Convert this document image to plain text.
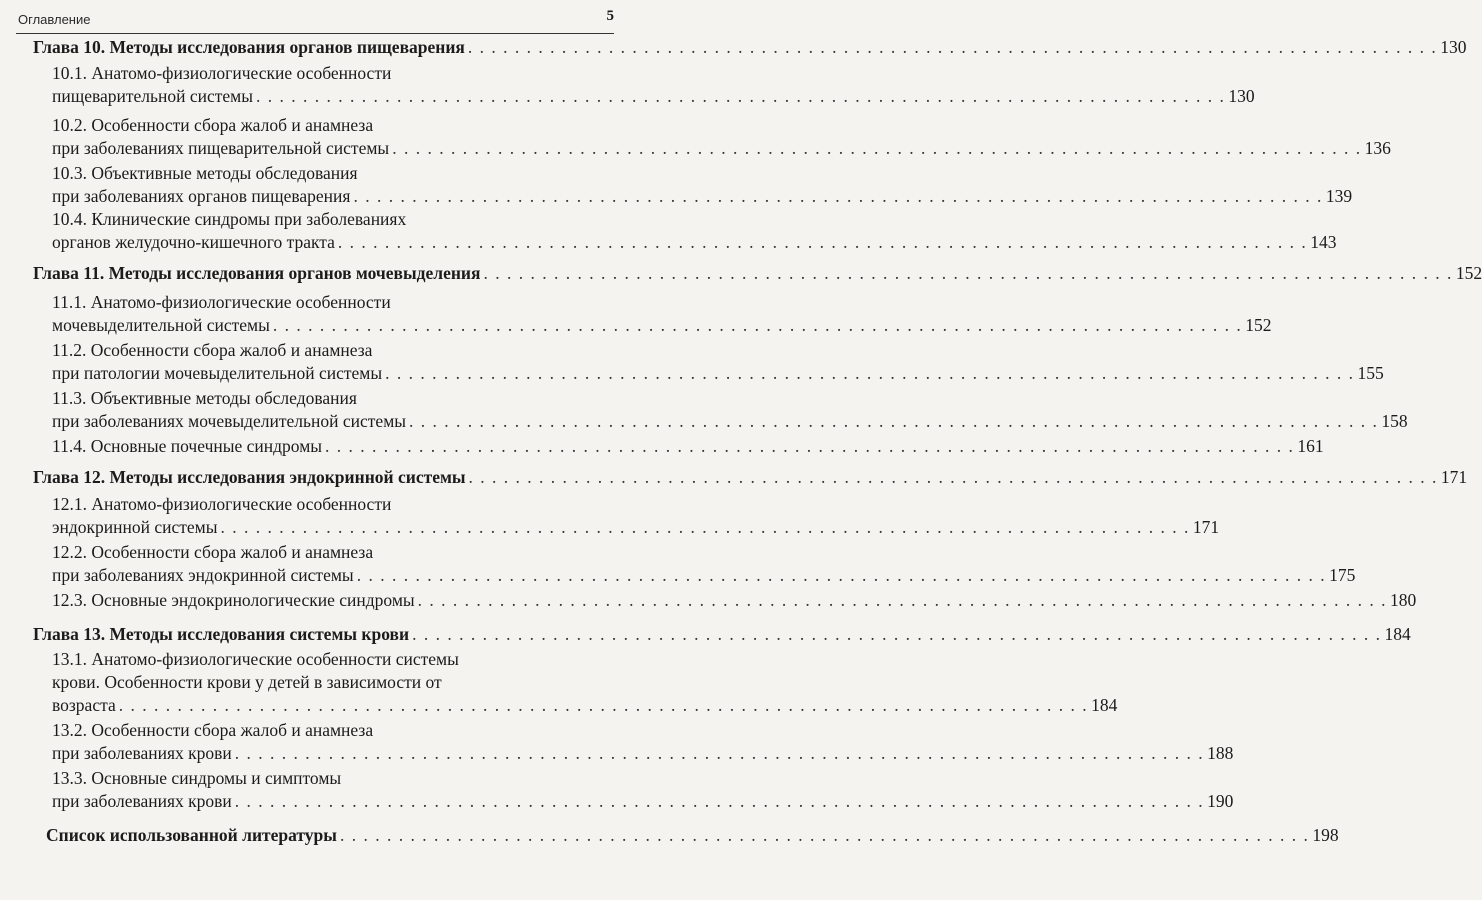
Оглавление	5
Глава 10. Методы исследования органов пищеварения . . . . . . . . . . . . . . . . . . . . . . . . . . . . . . . . . . . . . . . . . . . . . . . . . . . . . . . . . . . . . . . . . . . . . . . . . . . . . . . . . . . 130
10.1. Анатомо-физиологические особенности
пищеварительной системы . . . . . . . . . . . . . . . . . . . . . . . . . . . . . . . . . . . . . . . . . . . . . . . . . . . . . . . . . . . . . . . . . . . . . . . . . . . . . . . . . . . 130
10.2. Особенности сбора жалоб и анамнеза
при заболеваниях пищеварительной системы . . . . . . . . . . . . . . . . . . . . . . . . . . . . . . . . . . . . . . . . . . . . . . . . . . . . . . . . . . . . . . . . . . . . . . . . . . . . . . . . . . . 136
10.3. Объективные методы обследования
при заболеваниях органов пищеварения . . . . . . . . . . . . . . . . . . . . . . . . . . . . . . . . . . . . . . . . . . . . . . . . . . . . . . . . . . . . . . . . . . . . . . . . . . . . . . . . . . . 139
10.4. Клинические синдромы при заболеваниях
органов желудочно-кишечного тракта . . . . . . . . . . . . . . . . . . . . . . . . . . . . . . . . . . . . . . . . . . . . . . . . . . . . . . . . . . . . . . . . . . . . . . . . . . . . . . . . . . . 143
Глава 11. Методы исследования органов мочевыделения . . . . . . . . . . . . . . . . . . . . . . . . . . . . . . . . . . . . . . . . . . . . . . . . . . . . . . . . . . . . . . . . . . . . . . . . . . . . . . . . . . . 152
11.1. Анатомо-физиологические особенности
мочевыделительной системы . . . . . . . . . . . . . . . . . . . . . . . . . . . . . . . . . . . . . . . . . . . . . . . . . . . . . . . . . . . . . . . . . . . . . . . . . . . . . . . . . . . 152
11.2. Особенности сбора жалоб и анамнеза
при патологии мочевыделительной системы . . . . . . . . . . . . . . . . . . . . . . . . . . . . . . . . . . . . . . . . . . . . . . . . . . . . . . . . . . . . . . . . . . . . . . . . . . . . . . . . . . . 155
11.3. Объективные методы обследования
при заболеваниях мочевыделительной системы . . . . . . . . . . . . . . . . . . . . . . . . . . . . . . . . . . . . . . . . . . . . . . . . . . . . . . . . . . . . . . . . . . . . . . . . . . . . . . . . . . . 158
11.4. Основные почечные синдромы . . . . . . . . . . . . . . . . . . . . . . . . . . . . . . . . . . . . . . . . . . . . . . . . . . . . . . . . . . . . . . . . . . . . . . . . . . . . . . . . . . . 161
Глава 12. Методы исследования эндокринной системы . . . . . . . . . . . . . . . . . . . . . . . . . . . . . . . . . . . . . . . . . . . . . . . . . . . . . . . . . . . . . . . . . . . . . . . . . . . . . . . . . . . 171
12.1. Анатомо-физиологические особенности
эндокринной системы . . . . . . . . . . . . . . . . . . . . . . . . . . . . . . . . . . . . . . . . . . . . . . . . . . . . . . . . . . . . . . . . . . . . . . . . . . . . . . . . . . . 171
12.2. Особенности сбора жалоб и анамнеза
при заболеваниях эндокринной системы . . . . . . . . . . . . . . . . . . . . . . . . . . . . . . . . . . . . . . . . . . . . . . . . . . . . . . . . . . . . . . . . . . . . . . . . . . . . . . . . . . . 175
12.3. Основные эндокринологические синдромы . . . . . . . . . . . . . . . . . . . . . . . . . . . . . . . . . . . . . . . . . . . . . . . . . . . . . . . . . . . . . . . . . . . . . . . . . . . . . . . . . . . 180
Глава 13. Методы исследования системы крови . . . . . . . . . . . . . . . . . . . . . . . . . . . . . . . . . . . . . . . . . . . . . . . . . . . . . . . . . . . . . . . . . . . . . . . . . . . . . . . . . . . 184
13.1. Анатомо-физиологические особенности системы
крови. Особенности крови у детей в зависимости от
возраста . . . . . . . . . . . . . . . . . . . . . . . . . . . . . . . . . . . . . . . . . . . . . . . . . . . . . . . . . . . . . . . . . . . . . . . . . . . . . . . . . . . 184
13.2. Особенности сбора жалоб и анамнеза
при заболеваниях крови . . . . . . . . . . . . . . . . . . . . . . . . . . . . . . . . . . . . . . . . . . . . . . . . . . . . . . . . . . . . . . . . . . . . . . . . . . . . . . . . . . . 188
13.3. Основные синдромы и симптомы
при заболеваниях крови . . . . . . . . . . . . . . . . . . . . . . . . . . . . . . . . . . . . . . . . . . . . . . . . . . . . . . . . . . . . . . . . . . . . . . . . . . . . . . . . . . . 190
Список использованной литературы . . . . . . . . . . . . . . . . . . . . . . . . . . . . . . . . . . . . . . . . . . . . . . . . . . . . . . . . . . . . . . . . . . . . . . . . . . . . . . . . . . . 198
